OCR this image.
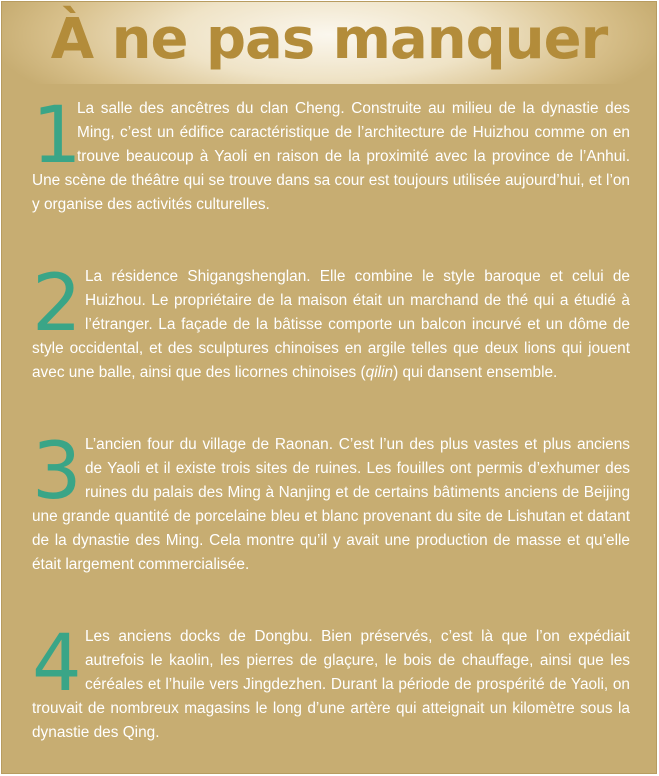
À ne pas manquer
1
La salle des ancêtres du clan Cheng. Construite au milieu de la dynastie des Ming, c’est un édifice caractéristique de l’architecture de Huizhou comme on en trouve beaucoup à Yaoli en raison de la proximité avec la province de l’Anhui. Une scène de théâtre qui se trouve dans sa cour est toujours utilisée aujourd’hui, et l’on y organise des activités culturelles.
2 La résidence Shigangshenglan. Elle combine le style baroque et celui de Huizhou. Le propriétaire de la maison était un marchand de thé qui a étudié à l’étranger. La façade de la bâtisse comporte un balcon incurvé et un dôme de style occidental, et des sculptures chinoises en argile telles que deux lions qui jouent avec une balle, ainsi que des licornes chinoises (qilin) qui dansent ensemble.
3 L’ancien four du village de Raonan. C’est l’un des plus vastes et plus anciens de Yaoli et il existe trois sites de ruines. Les fouilles ont permis d’exhumer des ruines du palais des Ming à Nanjing et de certains bâtiments anciens de Beijing une grande quantité de porcelaine bleu et blanc provenant du site de Lishutan et datant de la dynastie des Ming. Cela montre qu’il y avait une production de masse et qu’elle était largement commercialisée.
4 Les anciens docks de Dongbu. Bien préservés, c’est là que l’on expédiait autrefois le kaolin, les pierres de glaçure, le bois de chauffage, ainsi que les céréales et l’huile vers Jingdezhen. Durant la période de prospérité de Yaoli, on trouvait de nombreux magasins le long d’une artère qui atteignait un kilomètre sous la dynastie des Qing.
